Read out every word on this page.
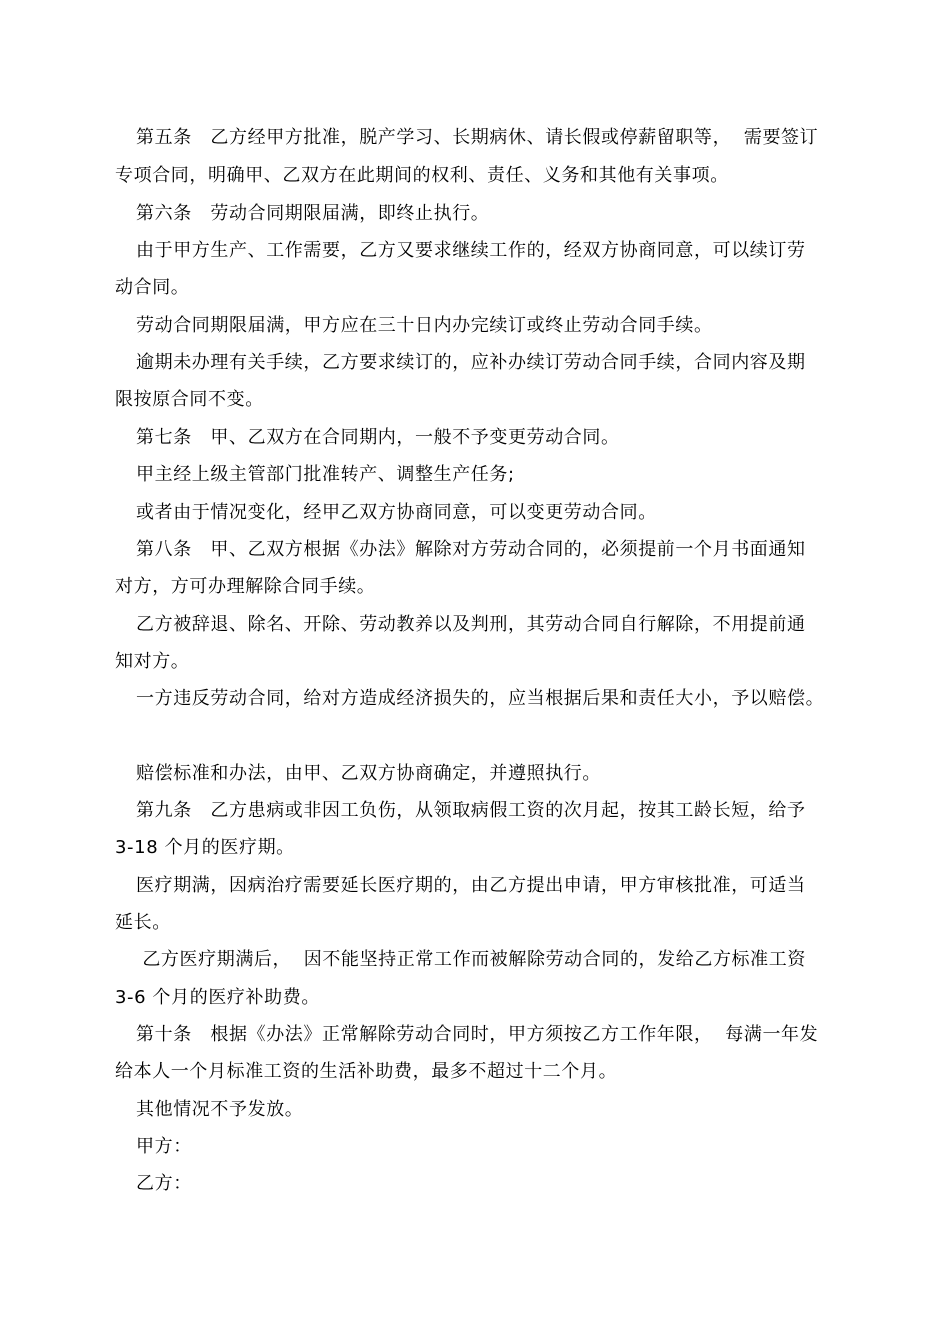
第五条　乙方经甲方批准，脱产学习、长期病休、请长假或停薪留职等，  需要签订
专项合同，明确甲、乙双方在此期间的权利、责任、义务和其他有关事项。
第六条　劳动合同期限届满，即终止执行。
由于甲方生产、工作需要，乙方又要求继续工作的，经双方协商同意，可以续订劳
动合同。
劳动合同期限届满，甲方应在三十日内办完续订或终止劳动合同手续。
逾期未办理有关手续，乙方要求续订的，应补办续订劳动合同手续，合同内容及期
限按原合同不变。
第七条　甲、乙双方在合同期内，一般不予变更劳动合同。
甲主经上级主管部门批准转产、调整生产任务;
或者由于情况变化，经甲乙双方协商同意，可以变更劳动合同。
第八条　甲、乙双方根据《办法》解除对方劳动合同的，必须提前一个月书面通知
对方，方可办理解除合同手续。
乙方被辞退、除名、开除、劳动教养以及判刑，其劳动合同自行解除，不用提前通
知对方。
一方违反劳动合同，给对方造成经济损失的，应当根据后果和责任大小，予以赔偿。
赔偿标准和办法，由甲、乙双方协商确定，并遵照执行。
第九条　乙方患病或非因工负伤，从领取病假工资的次月起，按其工龄长短，给予
3-18 个月的医疗期。
医疗期满，因病治疗需要延长医疗期的，由乙方提出申请，甲方审核批准，可适当
延长。
乙方医疗期满后，  因不能坚持正常工作而被解除劳动合同的，发给乙方标准工资
3-6 个月的医疗补助费。
第十条　根据《办法》正常解除劳动合同时，甲方须按乙方工作年限，  每满一年发
给本人一个月标准工资的生活补助费，最多不超过十二个月。
其他情况不予发放。
甲方：
乙方：
